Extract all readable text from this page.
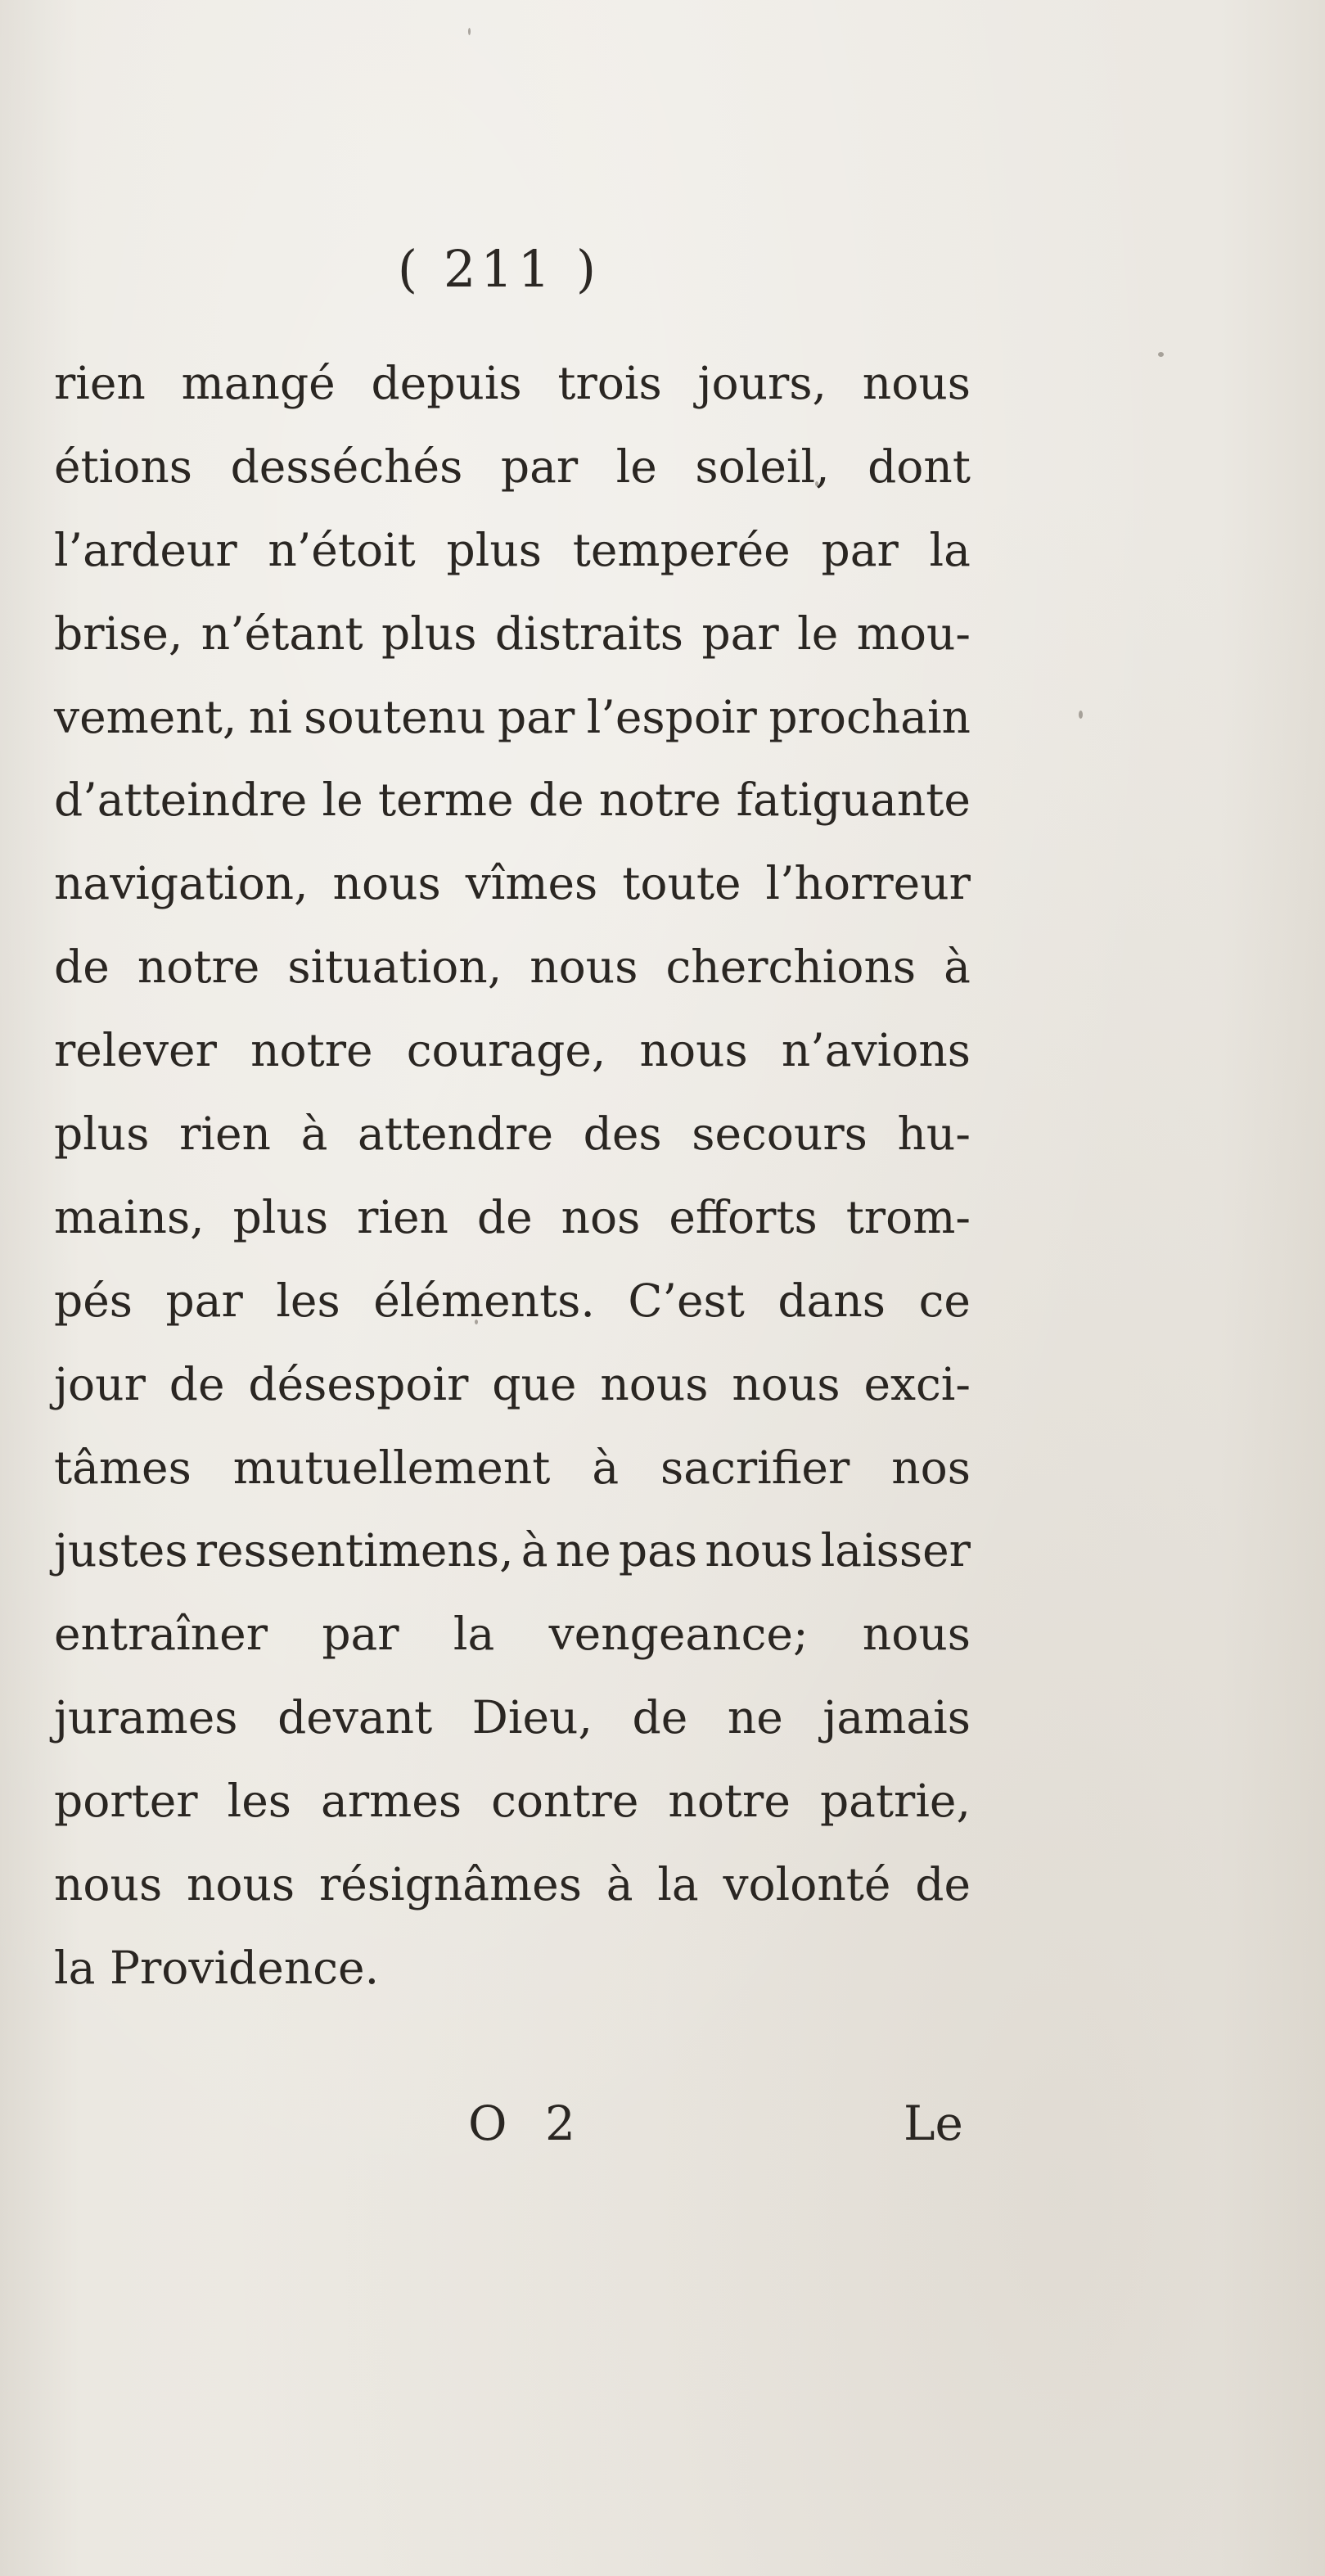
( 211 )
rien mangé depuis trois jours, nous
étions desséchés par le soleil, dont
l’ardeur n’étoit plus temperée par la
brise, n’étant plus distraits par le mou-
vement, ni soutenu par l’espoir prochain
d’atteindre le terme de notre fatiguante
navigation, nous vîmes toute l’horreur
de notre situation, nous cherchions à
relever notre courage, nous n’avions
plus rien à attendre des secours hu-
mains, plus rien de nos efforts trom-
pés par les éléments. C’est dans ce
jour de désespoir que nous nous exci-
tâmes mutuellement à sacrifier nos
justes ressentimens, à ne pas nous laisser
entraîner par la vengeance; nous
jurames devant Dieu, de ne jamais
porter les armes contre notre patrie,
nous nous résignâmes à la volonté de
la Providence.
O 2	Le
